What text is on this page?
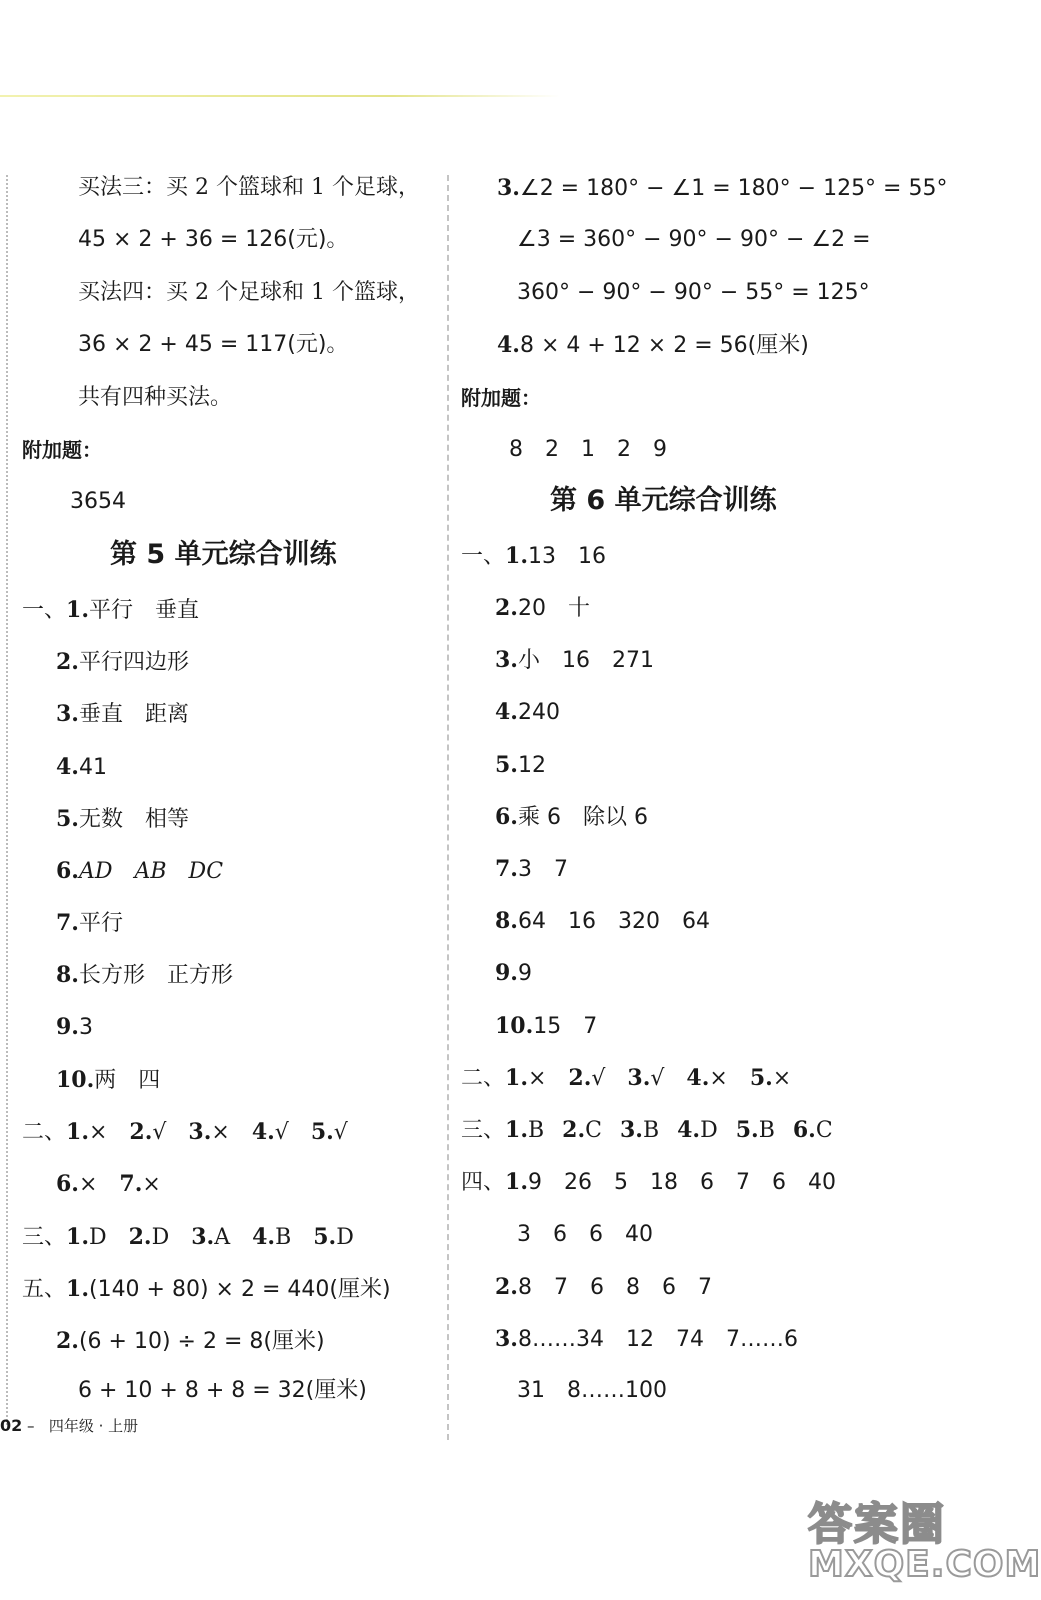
买法三：买 2 个篮球和 1 个足球，
45 × 2 + 36 = 126(元)。
买法四：买 2 个足球和 1 个篮球，
36 × 2 + 45 = 117(元)。
共有四种买法。
附加题：
3654
第 5 单元综合训练
一、1.平行　垂直
2.平行四边形
3.垂直　距离
4.41
5.无数　相等
6.AD　AB　DC
7.平行
8.长方形　正方形
9.3
10.两　四
二、1.× 2.√ 3.× 4.√ 5.√
6.× 7.×
三、1.D 2.D 3.A 4.B 5.D
五、1.(140 + 80) × 2 = 440(厘米)
2.(6 + 10) ÷ 2 = 8(厘米)
6 + 10 + 8 + 8 = 32(厘米)
3.∠2 = 180° − ∠1 = 180° − 125° = 55°
∠3 = 360° − 90° − 90° − ∠2 =
360° − 90° − 90° − 55° = 125°
4.8 × 4 + 12 × 2 = 56(厘米)
附加题：
8　2　1　2　9
第 6 单元综合训练
一、1.13　16
2.20　十
3.小　16　271
4.240
5.12
6.乘 6　除以 6
7.3　7
8.64　16　320　64
9.9
10.15　7
二、1.× 2.√ 3.√ 4.× 5.×
三、1.B 2.C 3.B 4.D 5.B 6.C
四、1.9　26　5　18　6　7　6　40
3　6　6　40
2.8　7　6　8　6　7
3.8……34　12　74　7……6
31　8……100
02 – 四年级 · 上册
答案圈
MXQE.COM
